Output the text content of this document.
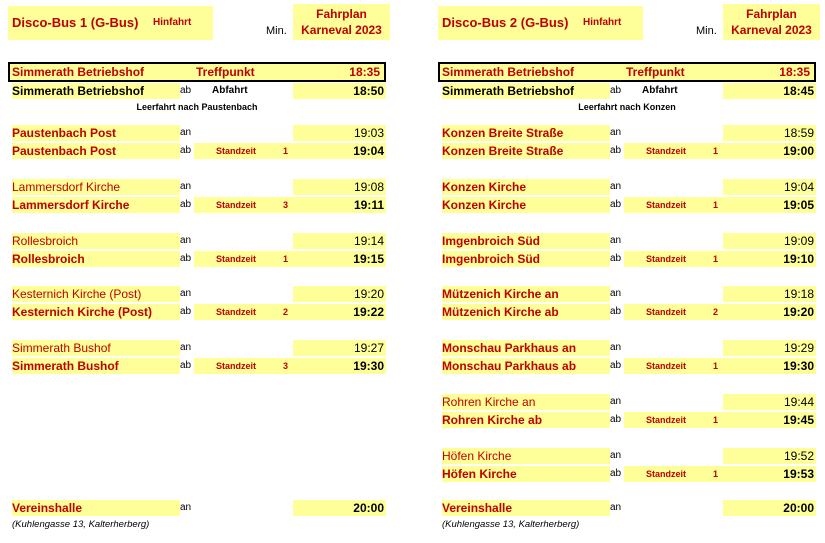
Disco-Bus 1 (G-Bus) Hinfahrt
Min.
Fahrplan
Karneval 2023
Simmerath Betriebshof	Treffpunkt	18:35
Simmerath Betriebshof	ab	Abfahrt	18:50
Leerfahrt nach Paustenbach
Paustenbach Post	an	19:03
Paustenbach Post	ab	Standzeit	1	19:04
Lammersdorf Kirche	an	19:08
Lammersdorf Kirche	ab	Standzeit	3	19:11
Rollesbroich	an	19:14
Rollesbroich	ab	Standzeit	1	19:15
Kesternich Kirche (Post)	an	19:20
Kesternich Kirche (Post)	ab	Standzeit	2	19:22
Simmerath Bushof	an	19:27
Simmerath Bushof	ab	Standzeit	3	19:30
Vereinshalle	an	20:00
(Kuhlengasse 13, Kalterherberg)
Disco-Bus 2 (G-Bus) Hinfahrt
Min.
Fahrplan
Karneval 2023
Simmerath Betriebshof	Treffpunkt	18:35
Simmerath Betriebshof	ab	Abfahrt	18:45
Leerfahrt nach Konzen
Konzen Breite Straße	an	18:59
Konzen Breite Straße	ab	Standzeit	1	19:00
Konzen Kirche	an	19:04
Konzen Kirche	ab	Standzeit	1	19:05
Imgenbroich Süd	an	19:09
Imgenbroich Süd	ab	Standzeit	1	19:10
Mützenich Kirche an	an	19:18
Mützenich Kirche ab	ab	Standzeit	2	19:20
Monschau Parkhaus an	an	19:29
Monschau Parkhaus ab	ab	Standzeit	1	19:30
Rohren Kirche an	an	19:44
Rohren Kirche ab	ab	Standzeit	1	19:45
Höfen Kirche	an	19:52
Höfen Kirche	ab	Standzeit	1	19:53
Vereinshalle	an	20:00
(Kuhlengasse 13, Kalterherberg)
